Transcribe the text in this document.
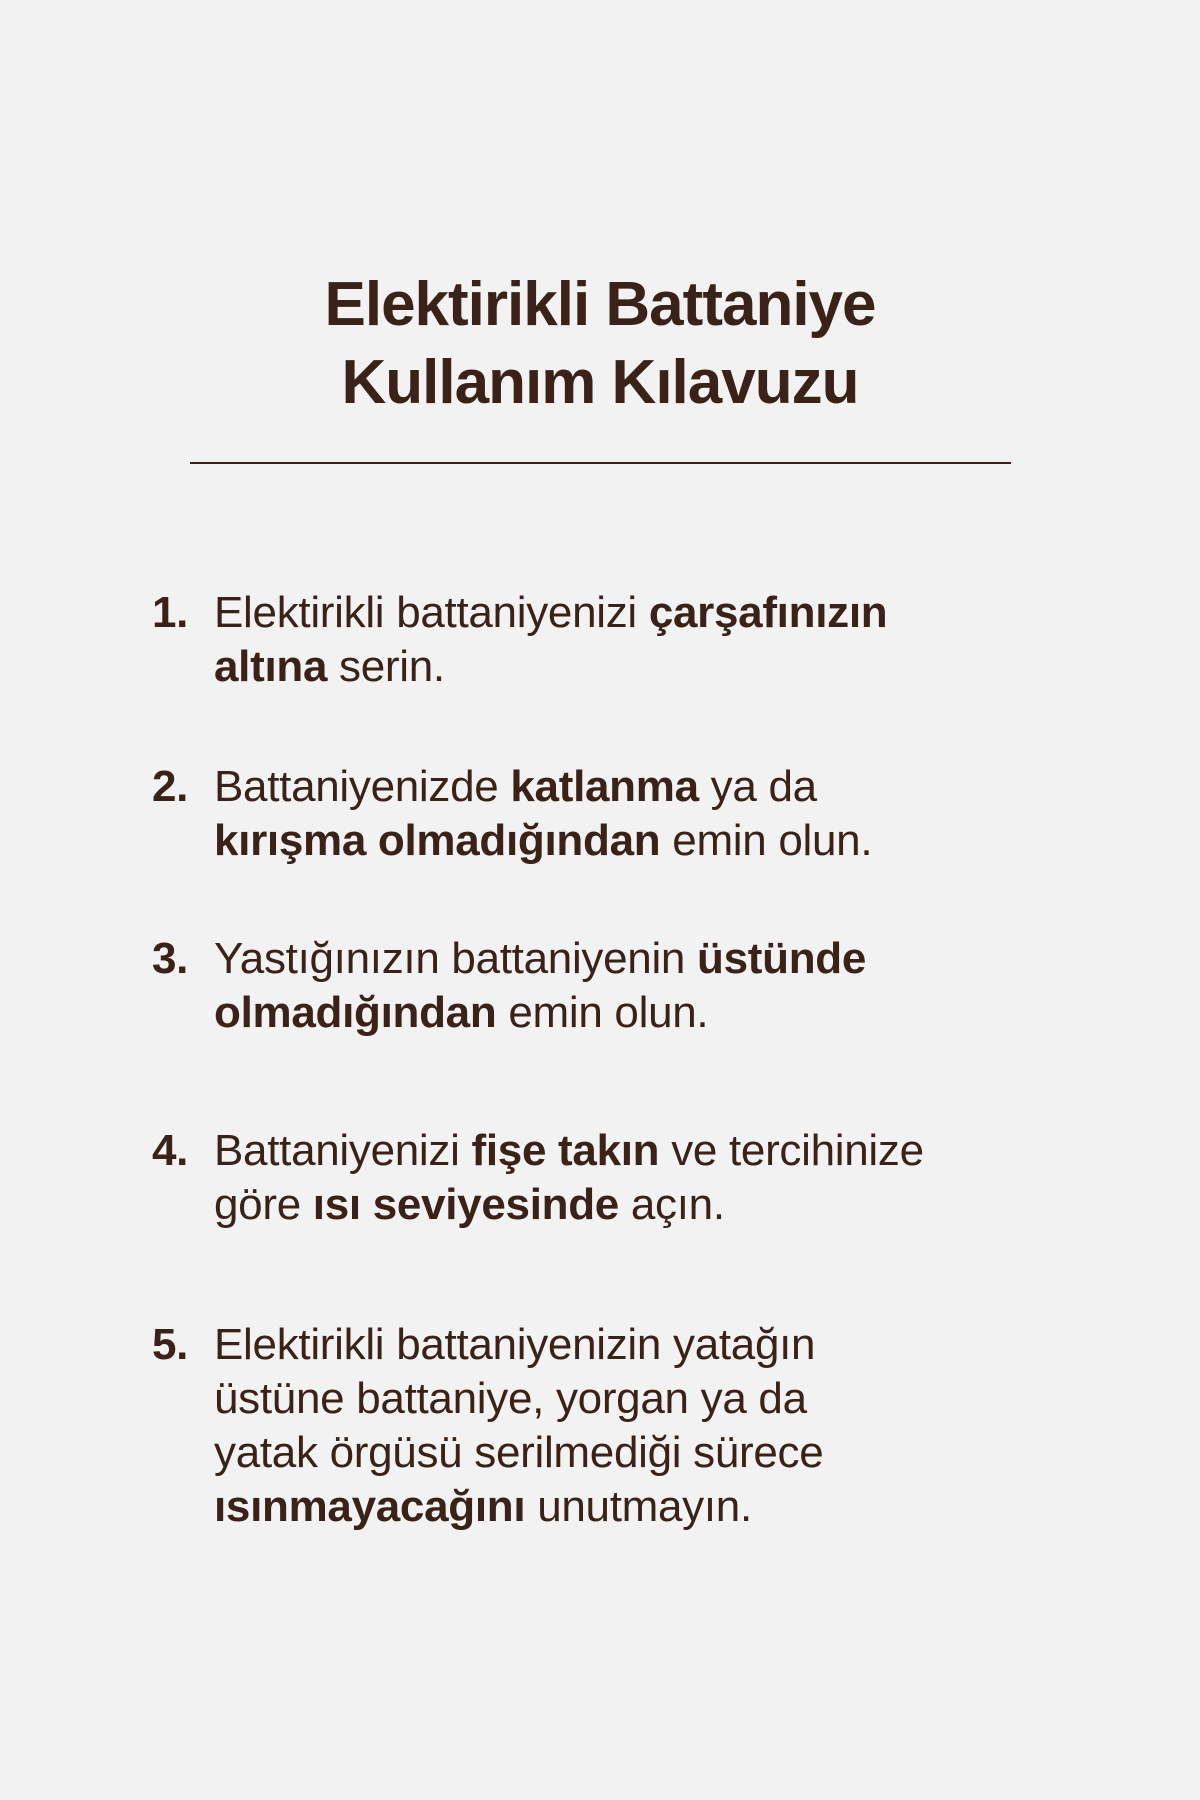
Elektirikli Battaniye
Kullanım Kılavuzu
1. Elektirikli battaniyenizi çarşafınızın
altına serin.
2. Battaniyenizde katlanma ya da
kırışma olmadığından emin olun.
3. Yastığınızın battaniyenin üstünde
olmadığından emin olun.
4. Battaniyenizi fişe takın ve tercihinize
göre ısı seviyesinde açın.
5. Elektirikli battaniyenizin yatağın
üstüne battaniye, yorgan ya da
yatak örgüsü serilmediği sürece
ısınmayacağını unutmayın.
